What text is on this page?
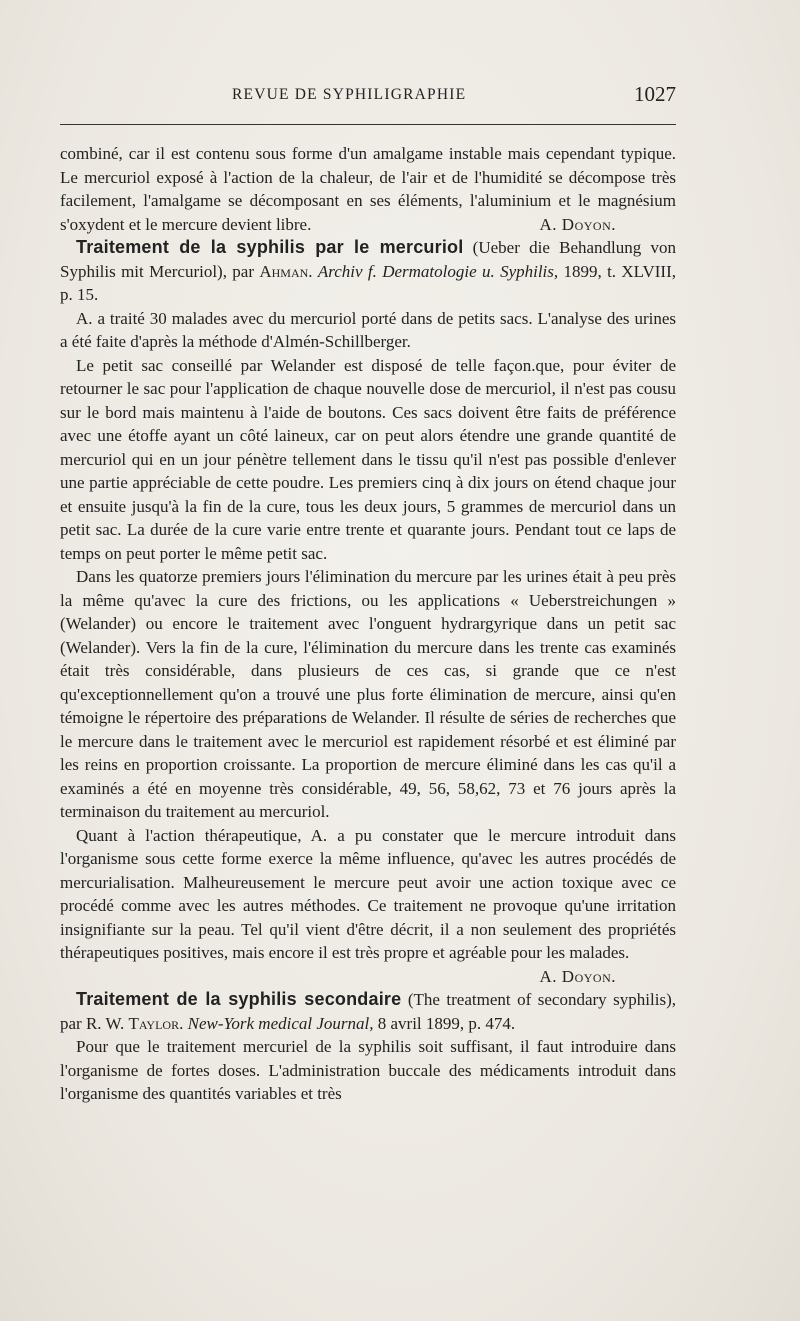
REVUE DE SYPHILIGRAPHIE	1027

combiné, car il est contenu sous forme d'un amalgame instable mais cependant typique. Le mercuriol exposé à l'action de la chaleur, de l'air et de l'humidité se décompose très facilement, l'amalgame se décomposant en ses éléments, l'aluminium et le magnésium s'oxydent et le mercure devient libre.	A. Doyon.

Traitement de la syphilis par le mercuriol (Ueber die Behandlung von Syphilis mit Mercuriol), par Ahman. Archiv f. Dermatologie u. Syphilis, 1899, t. XLVIII, p. 15.

A. a traité 30 malades avec du mercuriol porté dans de petits sacs. L'analyse des urines a été faite d'après la méthode d'Almén-Schillberger.

Le petit sac conseillé par Welander est disposé de telle façon.que, pour éviter de retourner le sac pour l'application de chaque nouvelle dose de mercuriol, il n'est pas cousu sur le bord mais maintenu à l'aide de boutons. Ces sacs doivent être faits de préférence avec une étoffe ayant un côté laineux, car on peut alors étendre une grande quantité de mercuriol qui en un jour pénètre tellement dans le tissu qu'il n'est pas possible d'enlever une partie appréciable de cette poudre. Les premiers cinq à dix jours on étend chaque jour et ensuite jusqu'à la fin de la cure, tous les deux jours, 5 grammes de mercuriol dans un petit sac. La durée de la cure varie entre trente et quarante jours. Pendant tout ce laps de temps on peut porter le même petit sac.

Dans les quatorze premiers jours l'élimination du mercure par les urines était à peu près la même qu'avec la cure des frictions, ou les applications « Ueberstreichungen » (Welander) ou encore le traitement avec l'onguent hydrargyrique dans un petit sac (Welander). Vers la fin de la cure, l'élimination du mercure dans les trente cas examinés était très considérable, dans plusieurs de ces cas, si grande que ce n'est qu'exceptionnellement qu'on a trouvé une plus forte élimination de mercure, ainsi qu'en témoigne le répertoire des préparations de Welander. Il résulte de séries de recherches que le mercure dans le traitement avec le mercuriol est rapidement résorbé et est éliminé par les reins en proportion croissante. La proportion de mercure éliminé dans les cas qu'il a examinés a été en moyenne très considérable, 49, 56, 58,62, 73 et 76 jours après la terminaison du traitement au mercuriol.

Quant à l'action thérapeutique, A. a pu constater que le mercure introduit dans l'organisme sous cette forme exerce la même influence, qu'avec les autres procédés de mercurialisation. Malheureusement le mercure peut avoir une action toxique avec ce procédé comme avec les autres méthodes. Ce traitement ne provoque qu'une irritation insignifiante sur la peau. Tel qu'il vient d'être décrit, il a non seulement des propriétés thérapeutiques positives, mais encore il est très propre et agréable pour les malades.
A. Doyon.

Traitement de la syphilis secondaire (The treatment of secondary syphilis), par R. W. Taylor. New-York medical Journal, 8 avril 1899, p. 474.

Pour que le traitement mercuriel de la syphilis soit suffisant, il faut introduire dans l'organisme de fortes doses. L'administration buccale des médicaments introduit dans l'organisme des quantités variables et très
